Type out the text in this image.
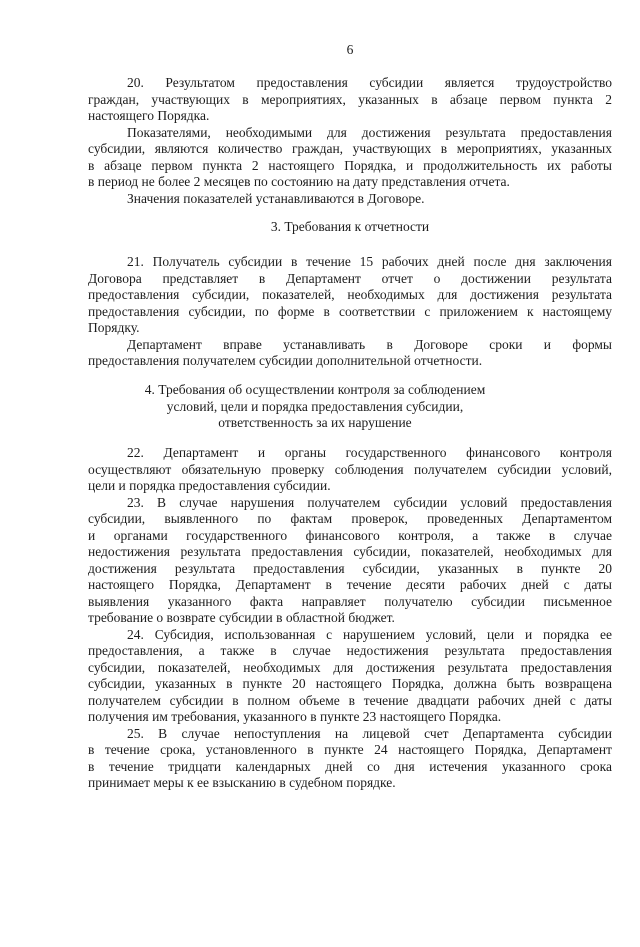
6
20. Результатом предоставления субсидии является трудоустройство
граждан, участвующих в мероприятиях, указанных в абзаце первом пункта 2
настоящего Порядка.
Показателями, необходимыми для достижения результата предоставления
субсидии, являются количество граждан, участвующих в мероприятиях, указанных
в абзаце первом пункта 2 настоящего Порядка, и продолжительность их работы
в период не более 2 месяцев по состоянию на дату представления отчета.
Значения показателей устанавливаются в Договоре.
3. Требования к отчетности
21. Получатель субсидии в течение 15 рабочих дней после дня заключения
Договора представляет в Департамент отчет о достижении результата
предоставления субсидии, показателей, необходимых для достижения результата
предоставления субсидии, по форме в соответствии с приложением к настоящему
Порядку.
Департамент вправе устанавливать в Договоре сроки и формы
предоставления получателем субсидии дополнительной отчетности.
4. Требования об осуществлении контроля за соблюдением
условий, цели и порядка предоставления субсидии,
ответственность за их нарушение
22. Департамент и органы государственного финансового контроля
осуществляют обязательную проверку соблюдения получателем субсидии условий,
цели и порядка предоставления субсидии.
23. В случае нарушения получателем субсидии условий предоставления
субсидии, выявленного по фактам проверок, проведенных Департаментом
и органами государственного финансового контроля, а также в случае
недостижения результата предоставления субсидии, показателей, необходимых для
достижения результата предоставления субсидии, указанных в пункте 20
настоящего Порядка, Департамент в течение десяти рабочих дней с даты
выявления указанного факта направляет получателю субсидии письменное
требование о возврате субсидии в областной бюджет.
24. Субсидия, использованная с нарушением условий, цели и порядка ее
предоставления, а также в случае недостижения результата предоставления
субсидии, показателей, необходимых для достижения результата предоставления
субсидии, указанных в пункте 20 настоящего Порядка, должна быть возвращена
получателем субсидии в полном объеме в течение двадцати рабочих дней с даты
получения им требования, указанного в пункте 23 настоящего Порядка.
25. В случае непоступления на лицевой счет Департамента субсидии
в течение срока, установленного в пункте 24 настоящего Порядка, Департамент
в течение тридцати календарных дней со дня истечения указанного срока
принимает меры к ее взысканию в судебном порядке.
